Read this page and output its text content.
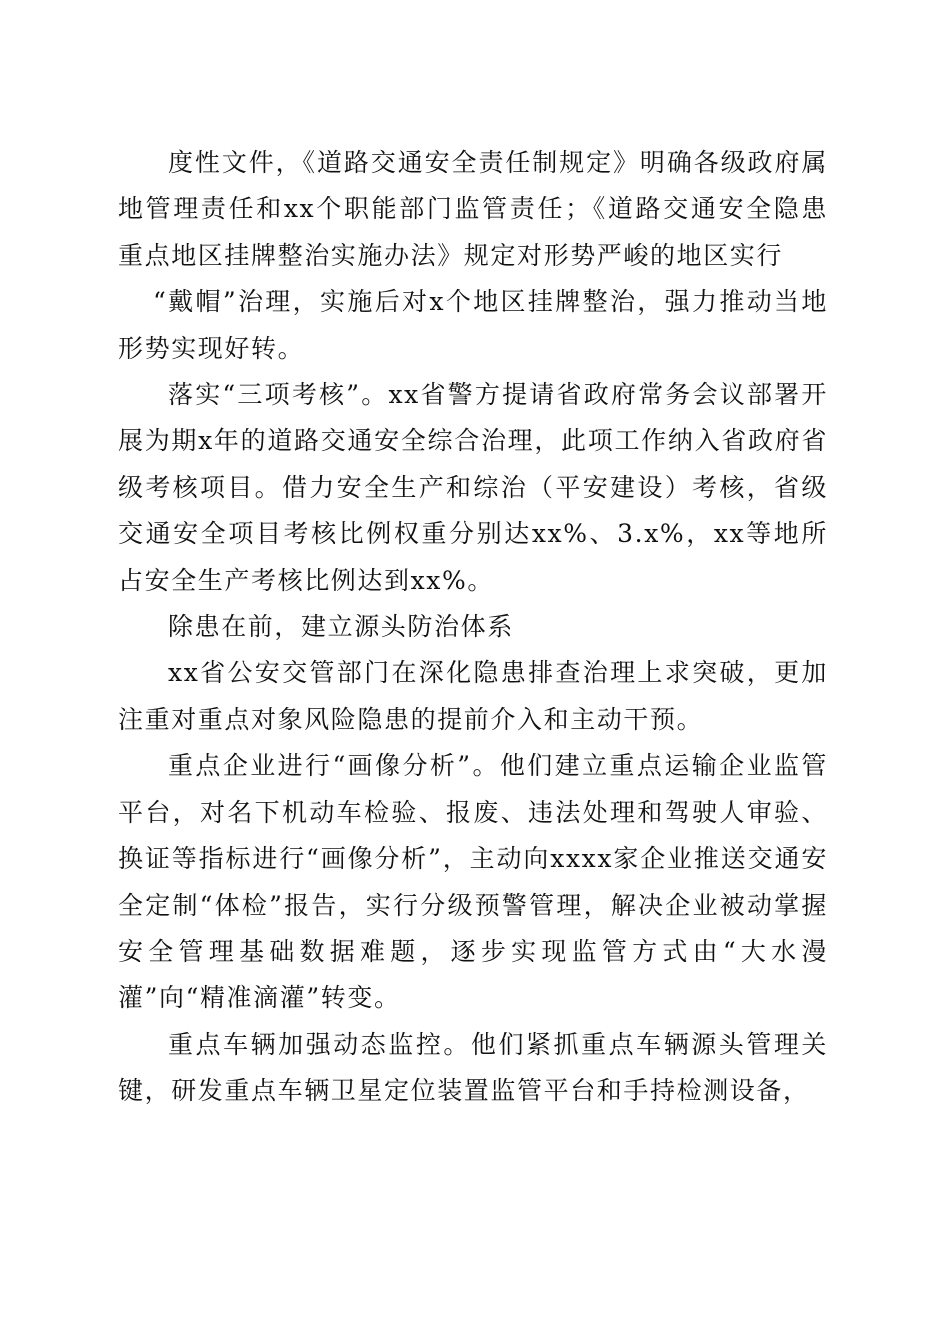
度性文件，《道路交通安全责任制规定》明确各级政府属地管理责任和xx个职能部门监管责任；《道路交通安全隐患重点地区挂牌整治实施办法》规定对形势严峻的地区实行

“戴帽”治理，实施后对x个地区挂牌整治，强力推动当地形势实现好转。

落实“三项考核”。xx省警方提请省政府常务会议部署开展为期x年的道路交通安全综合治理，此项工作纳入省政府省级考核项目。借力安全生产和综治（平安建设）考核，省级交通安全项目考核比例权重分别达xx%、3.x%，xx等地所占安全生产考核比例达到xx%。

除患在前，建立源头防治体系

xx省公安交管部门在深化隐患排查治理上求突破，更加注重对重点对象风险隐患的提前介入和主动干预。

重点企业进行“画像分析”。他们建立重点运输企业监管平台，对名下机动车检验、报废、违法处理和驾驶人审验、换证等指标进行“画像分析”，主动向xxxx家企业推送交通安全定制“体检”报告，实行分级预警管理，解决企业被动掌握安全管理基础数据难题，逐步实现监管方式由“大水漫灌”向“精准滴灌”转变。

重点车辆加强动态监控。他们紧抓重点车辆源头管理关键，研发重点车辆卫星定位装置监管平台和手持检测设备，
